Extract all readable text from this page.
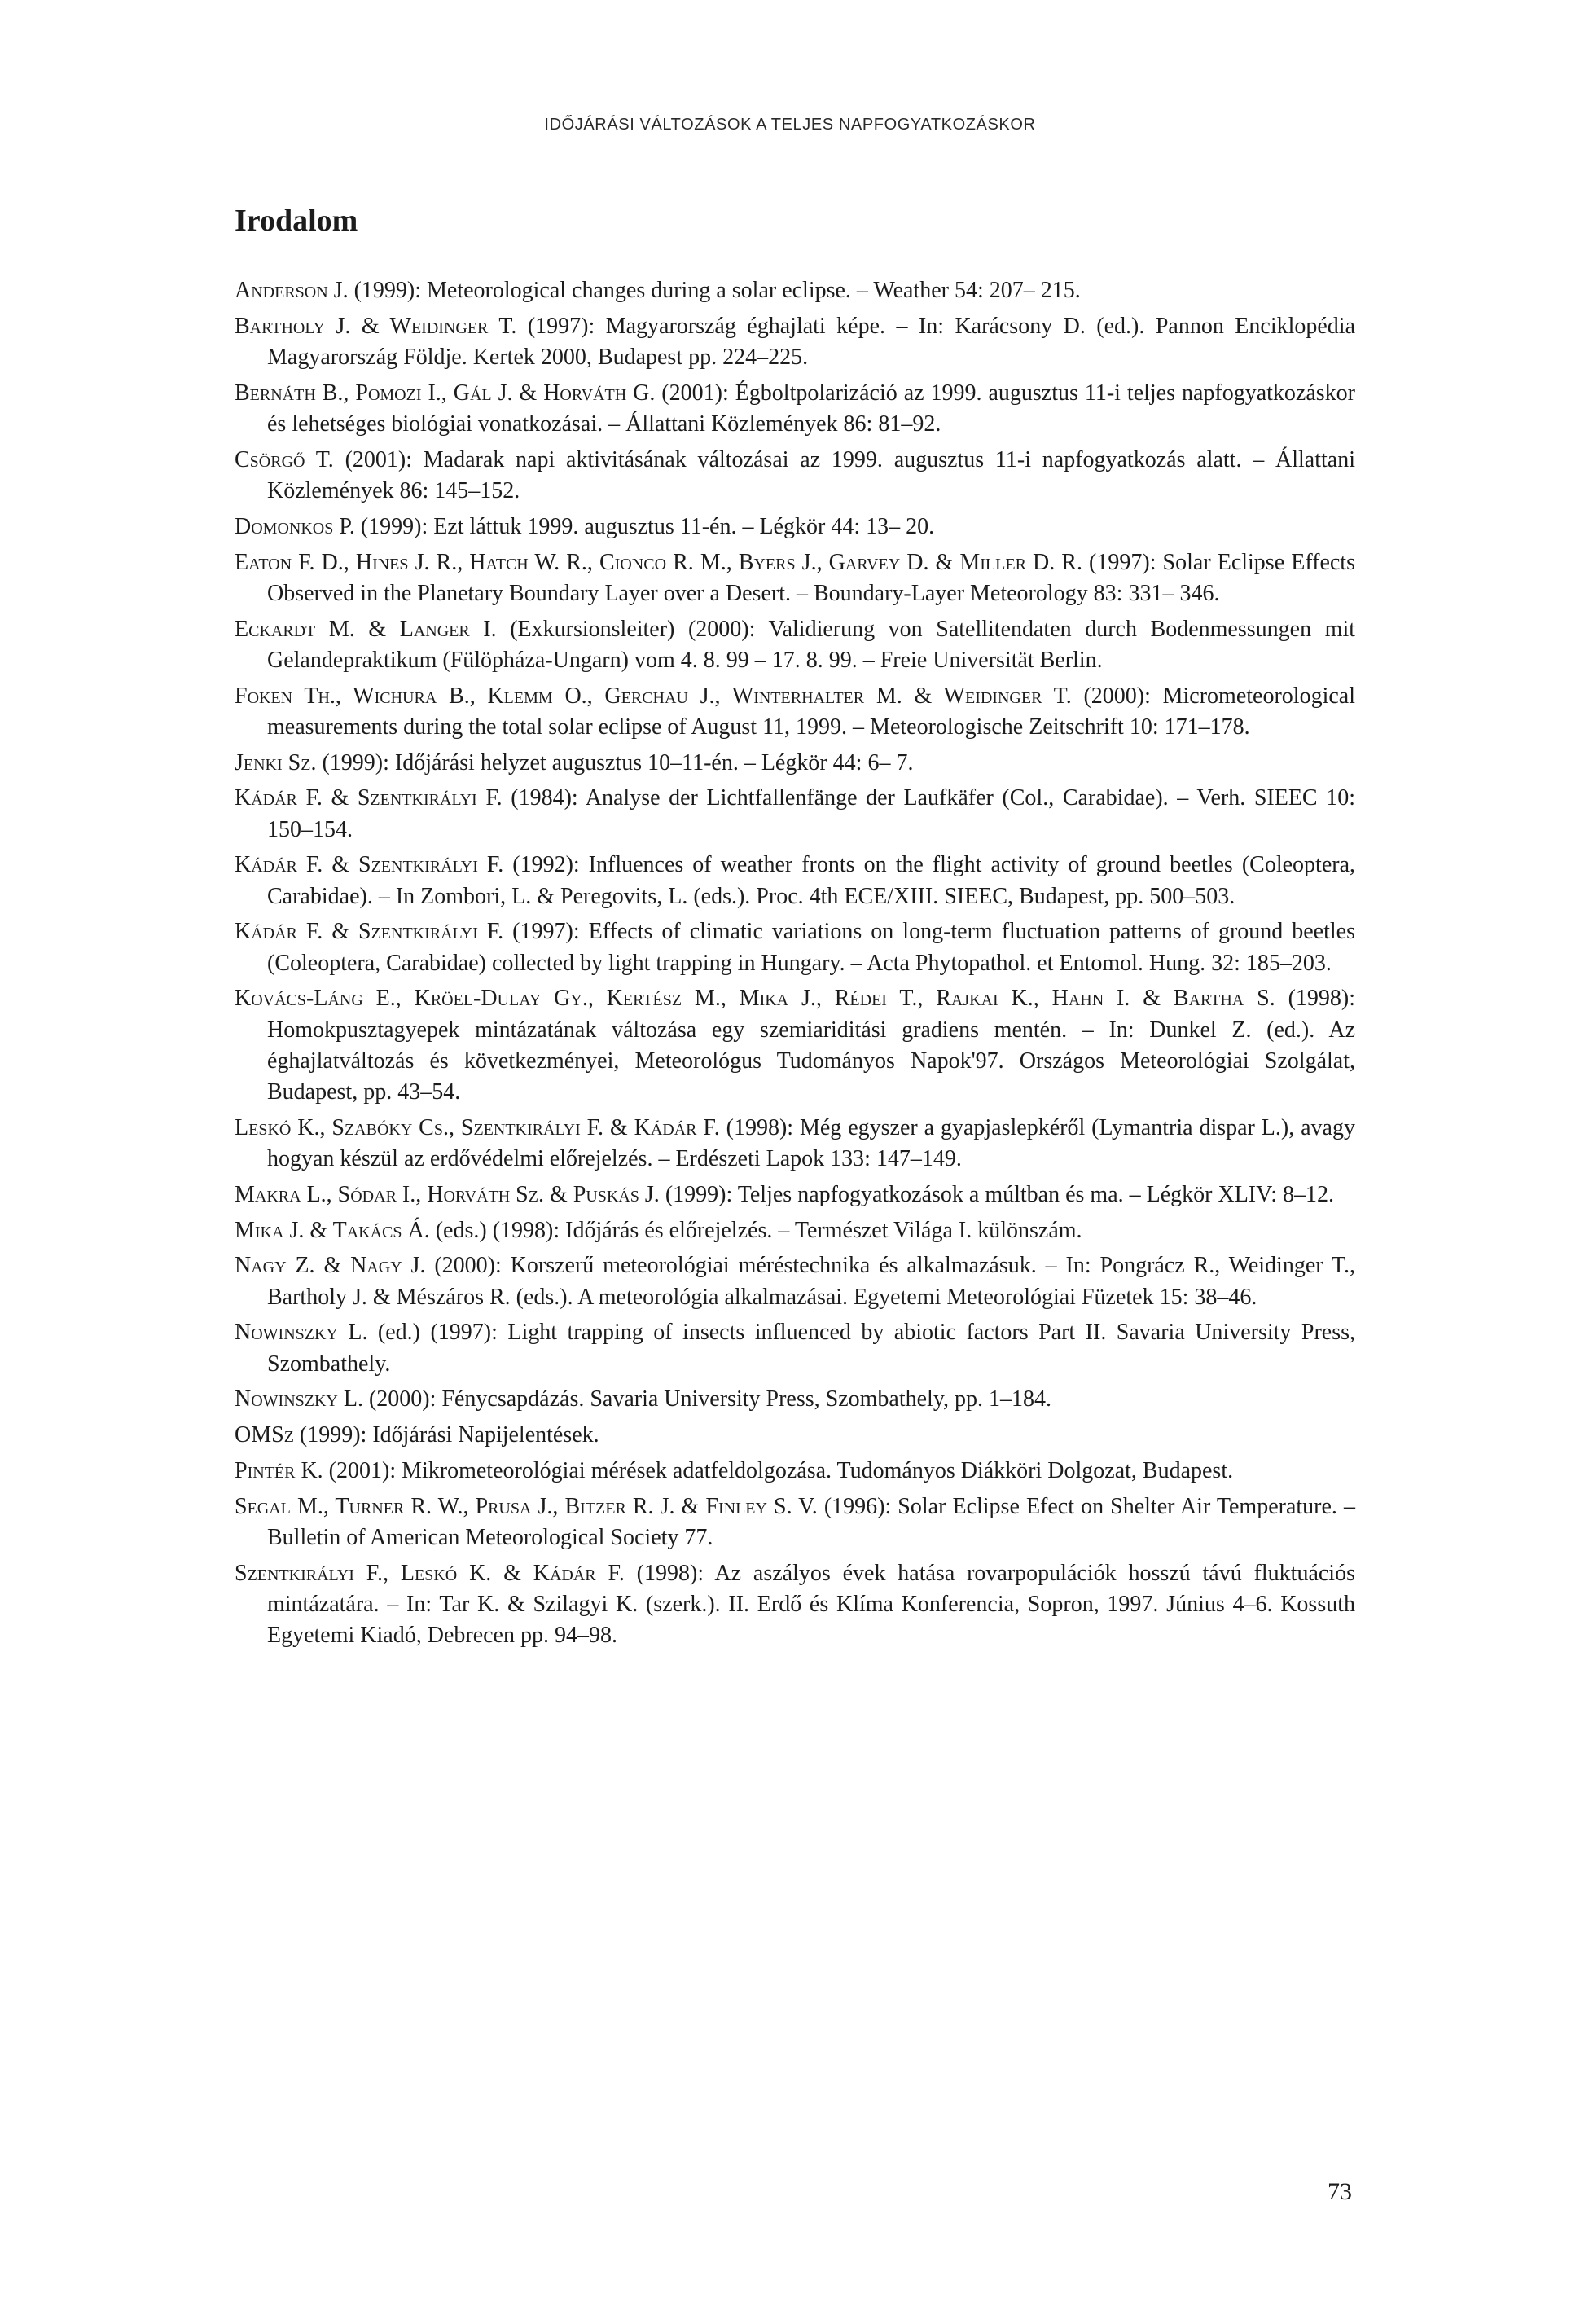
IDŐJÁRÁSI VÁLTOZÁSOK A TELJES NAPFOGYATKOZÁSKOR
Irodalom
Anderson J. (1999): Meteorological changes during a solar eclipse. – Weather 54: 207– 215.
Bartholy J. & Weidinger T. (1997): Magyarország éghajlati képe. – In: Karácsony D. (ed.). Pannon Enciklopédia Magyarország Földje. Kertek 2000, Budapest pp. 224–225.
Bernáth B., Pomozi I., Gál J. & Horváth G. (2001): Égboltpolarizáció az 1999. augusztus 11-i teljes napfogyatkozáskor és lehetséges biológiai vonatkozásai. – Állattani Közlemények 86: 81–92.
Csörgő T. (2001): Madarak napi aktivitásának változásai az 1999. augusztus 11-i napfogyatkozás alatt. – Állattani Közlemények 86: 145–152.
Domonkos P. (1999): Ezt láttuk 1999. augusztus 11-én. – Légkör 44: 13– 20.
Eaton F. D., Hines J. R., Hatch W. R., Cionco R. M., Byers J., Garvey D. & Miller D. R. (1997): Solar Eclipse Effects Observed in the Planetary Boundary Layer over a Desert. – Boundary-Layer Meteorology 83: 331– 346.
Eckardt M. & Langer I. (Exkursionsleiter) (2000): Validierung von Satellitendaten durch Bodenmessungen mit Gelandepraktikum (Fülöpháza-Ungarn) vom 4. 8. 99 – 17. 8. 99. – Freie Universität Berlin.
Foken Th., Wichura B., Klemm O., Gerchau J., Winterhalter M. & Weidinger T. (2000): Micrometeorological measurements during the total solar eclipse of August 11, 1999. – Meteorologische Zeitschrift 10: 171–178.
Jenki Sz. (1999): Időjárási helyzet augusztus 10–11-én. – Légkör 44: 6– 7.
Kádár F. & Szentkirályi F. (1984): Analyse der Lichtfallenfänge der Laufkäfer (Col., Carabidae). – Verh. SIEEC 10: 150–154.
Kádár F. & Szentkirályi F. (1992): Influences of weather fronts on the flight activity of ground beetles (Coleoptera, Carabidae). – In Zombori, L. & Peregovits, L. (eds.). Proc. 4th ECE/XIII. SIEEC, Budapest, pp. 500–503.
Kádár F. & Szentkirályi F. (1997): Effects of climatic variations on long-term fluctuation patterns of ground beetles (Coleoptera, Carabidae) collected by light trapping in Hungary. – Acta Phytopathol. et Entomol. Hung. 32: 185–203.
Kovács-Láng E., Kröel-Dulay Gy., Kertész M., Mika J., Rédei T., Rajkai K., Hahn I. & Bartha S. (1998): Homokpusztagyepek mintázatának változása egy szemiariditási gradiens mentén. – In: Dunkel Z. (ed.). Az éghajlatváltozás és következményei, Meteorológus Tudományos Napok'97. Országos Meteorológiai Szolgálat, Budapest, pp. 43–54.
Leskó K., Szabóky Cs., Szentkirályi F. & Kádár F. (1998): Még egyszer a gyapjaslepkéről (Lymantria dispar L.), avagy hogyan készül az erdővédelmi előrejelzés. – Erdészeti Lapok 133: 147–149.
Makra L., Sódar I., Horváth Sz. & Puskás J. (1999): Teljes napfogyatkozások a múltban és ma. – Légkör XLIV: 8–12.
Mika J. & Takács Á. (eds.) (1998): Időjárás és előrejelzés. – Természet Világa I. különszám.
Nagy Z. & Nagy J. (2000): Korszerű meteorológiai méréstechnika és alkalmazásuk. – In: Pongrácz R., Weidinger T., Bartholy J. & Mészáros R. (eds.). A meteorológia alkalmazásai. Egyetemi Meteorológiai Füzetek 15: 38–46.
Nowinszky L. (ed.) (1997): Light trapping of insects influenced by abiotic factors Part II. Savaria University Press, Szombathely.
Nowinszky L. (2000): Fénycsapdázás. Savaria University Press, Szombathely, pp. 1–184.
OMSz (1999): Időjárási Napijelentések.
Pintér K. (2001): Mikrometeorológiai mérések adatfeldolgozása. Tudományos Diákköri Dolgozat, Budapest.
Segal M., Turner R. W., Prusa J., Bitzer R. J. & Finley S. V. (1996): Solar Eclipse Efect on Shelter Air Temperature. – Bulletin of American Meteorological Society 77.
Szentkirályi F., Leskó K. & Kádár F. (1998): Az aszályos évek hatása rovarpopulációk hosszú távú fluktuációs mintázatára. – In: Tar K. & Szilagyi K. (szerk.). II. Erdő és Klíma Konferencia, Sopron, 1997. Június 4–6. Kossuth Egyetemi Kiadó, Debrecen pp. 94–98.
73
